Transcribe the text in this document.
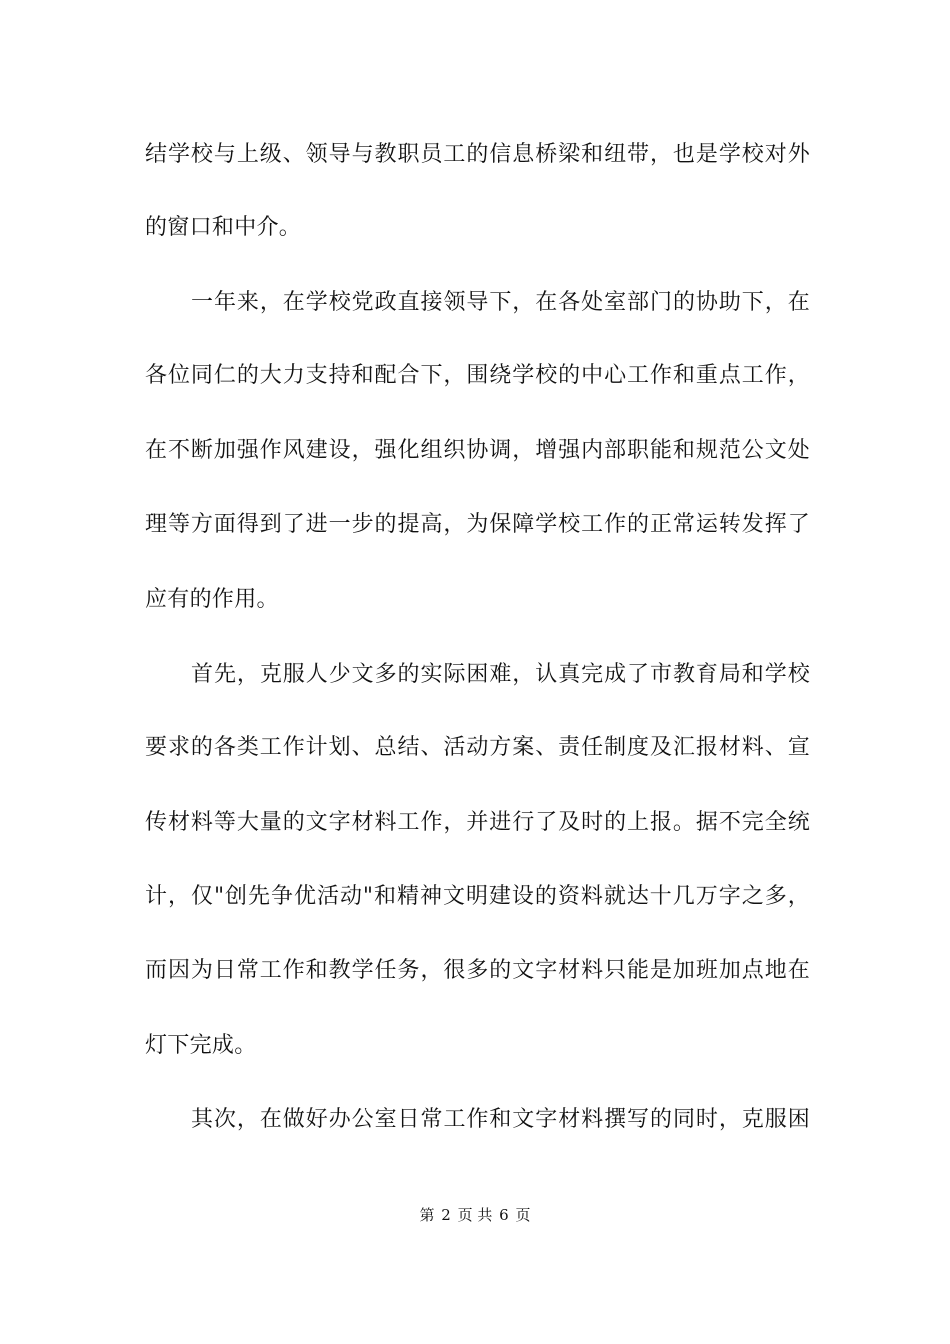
结学校与上级、领导与教职员工的信息桥梁和纽带，也是学校对外
的窗口和中介。
一年来，在学校党政直接领导下，在各处室部门的协助下，在
各位同仁的大力支持和配合下，围绕学校的中心工作和重点工作，
在不断加强作风建设，强化组织协调，增强内部职能和规范公文处
理等方面得到了进一步的提高，为保障学校工作的正常运转发挥了
应有的作用。
首先，克服人少文多的实际困难，认真完成了市教育局和学校
要求的各类工作计划、总结、活动方案、责任制度及汇报材料、宣
传材料等大量的文字材料工作，并进行了及时的上报。据不完全统
计，仅"创先争优活动"和精神文明建设的资料就达十几万字之多，
而因为日常工作和教学任务，很多的文字材料只能是加班加点地在
灯下完成。
其次，在做好办公室日常工作和文字材料撰写的同时，克服困
第 2 页 共 6 页
